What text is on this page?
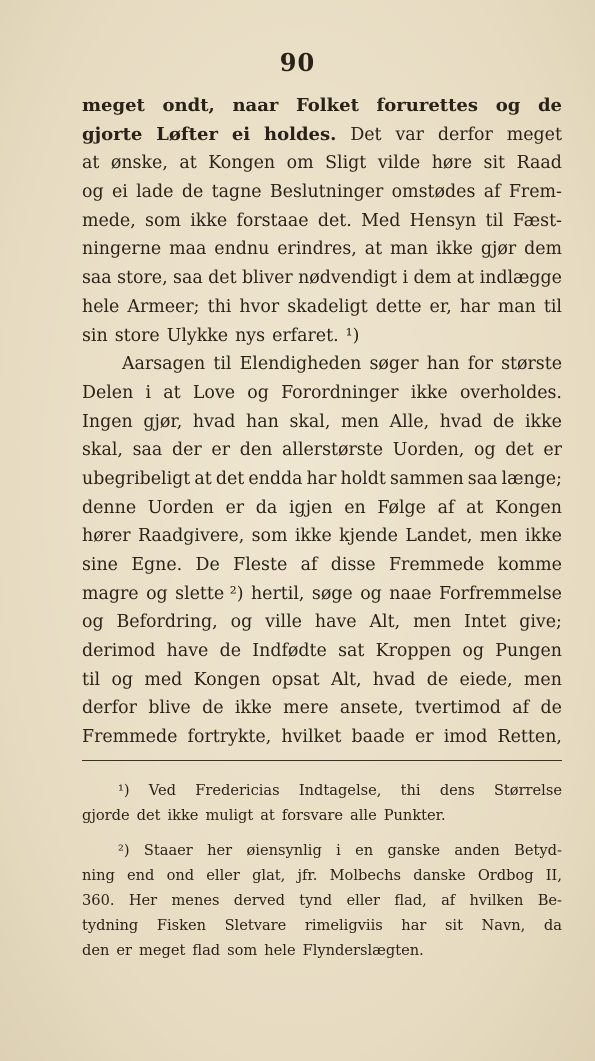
90
meget ondt, naar Folket forurettes og de
gjorte Løfter ei holdes. Det var derfor meget
at ønske, at Kongen om Sligt vilde høre sit Raad
og ei lade de tagne Beslutninger omstødes af Frem-
mede, som ikke forstaae det. Med Hensyn til Fæst-
ningerne maa endnu erindres, at man ikke gjør dem
saa store, saa det bliver nødvendigt i dem at indlægge
hele Armeer; thi hvor skadeligt dette er, har man til
sin store Ulykke nys erfaret. ¹)
Aarsagen til Elendigheden søger han for største
Delen i at Love og Forordninger ikke overholdes.
Ingen gjør, hvad han skal, men Alle, hvad de ikke
skal, saa der er den allerstørste Uorden, og det er
ubegribeligt at det endda har holdt sammen saa længe;
denne Uorden er da igjen en Følge af at Kongen
hører Raadgivere, som ikke kjende Landet, men ikke
sine Egne. De Fleste af disse Fremmede komme
magre og slette ²) hertil, søge og naae Forfremmelse
og Befordring, og ville have Alt, men Intet give;
derimod have de Indfødte sat Kroppen og Pungen
til og med Kongen opsat Alt, hvad de eiede, men
derfor blive de ikke mere ansete, tvertimod af de
Fremmede fortrykte, hvilket baade er imod Retten,
¹) Ved Fredericias Indtagelse, thi dens Størrelse
gjorde det ikke muligt at forsvare alle Punkter.
²) Staaer her øiensynlig i en ganske anden Betyd-
ning end ond eller glat, jfr. Molbechs danske Ordbog II,
360. Her menes derved tynd eller flad, af hvilken Be-
tydning Fisken Sletvare rimeligviis har sit Navn, da
den er meget flad som hele Flynderslægten.
